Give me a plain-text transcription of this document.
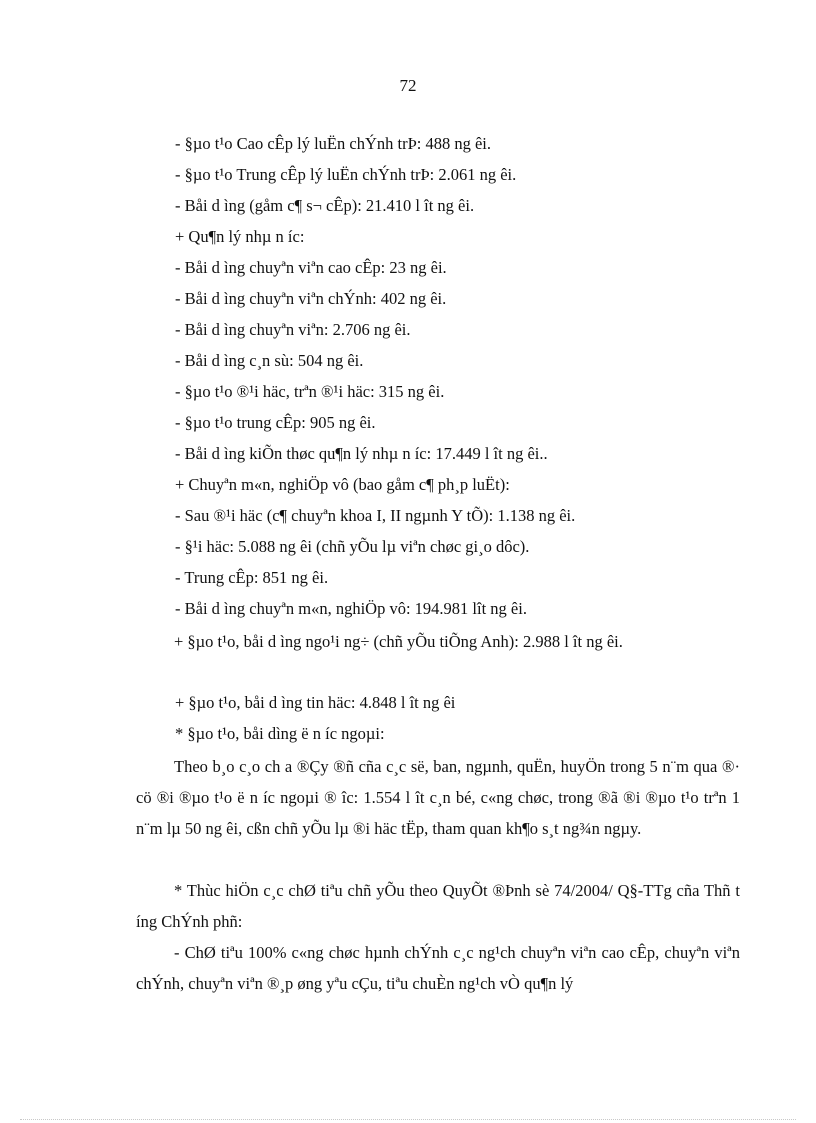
72
- §µo t¹o Cao cÊp lý luËn chÝnh trÞ: 488 ng êi.
- §µo t¹o Trung cÊp lý luËn chÝnh trÞ: 2.061 ng êi.
- Båi d ìng (gåm c¶ s¬ cÊp): 21.410 l ît ng êi.
+ Qu¶n lý nhµ n íc:
- Båi d ìng chuyªn viªn cao cÊp: 23 ng êi.
- Båi d ìng chuyªn viªn chÝnh: 402 ng êi.
- Båi d ìng chuyªn viªn: 2.706 ng êi.
- Båi d ìng c¸n sù: 504 ng êi.
- §µo t¹o ®¹i häc, trªn ®¹i häc: 315 ng êi.
- §µo t¹o trung cÊp: 905 ng êi.
- Båi d ìng kiÕn thøc qu¶n lý nhµ n íc: 17.449 l ît ng êi..
+ Chuyªn m«n, nghiÖp vô (bao gåm c¶ ph¸p luËt):
- Sau ®¹i häc (c¶ chuyªn khoa I, II ngµnh Y tÕ): 1.138 ng êi.
- §¹i häc: 5.088 ng êi (chñ yÕu lµ viªn chøc gi¸o dôc).
- Trung cÊp: 851 ng êi.
- Båi d ìng chuyªn m«n, nghiÖp vô: 194.981 lît ng êi.
+ §µo t¹o, båi d ìng ngo¹i ng÷ (chñ yÕu tiÕng Anh): 2.988 l ît ng êi.
+ §µo t¹o, båi d ìng tin häc: 4.848 l ît ng êi
* §µo t¹o, båi dìng ë n íc ngoµi:
Theo b¸o c¸o ch a ®Çy ®ñ cña c¸c së, ban, ngµnh, quËn, huyÖn trong 5 n¨m qua ®· cö ®i ®µo t¹o ë n íc ngoµi ® îc: 1.554 l ît c¸n bé, c«ng chøc, trong ®ã ®i ®µo t¹o trªn 1 n¨m lµ 50 ng êi, cßn chñ yÕu lµ ®i häc tËp, tham quan kh¶o s¸t ng¾n ngµy.
* Thùc hiÖn c¸c chØ tiªu chñ yÕu theo QuyÕt ®Þnh sè 74/2004/ Q§-TTg cña Thñ t íng ChÝnh phñ:
- ChØ tiªu 100% c«ng chøc hµnh chÝnh c¸c ng¹ch chuyªn viªn cao cÊp, chuyªn viªn chÝnh, chuyªn viªn ®¸p øng yªu cÇu, tiªu chuÈn ng¹ch vÒ qu¶n lý
